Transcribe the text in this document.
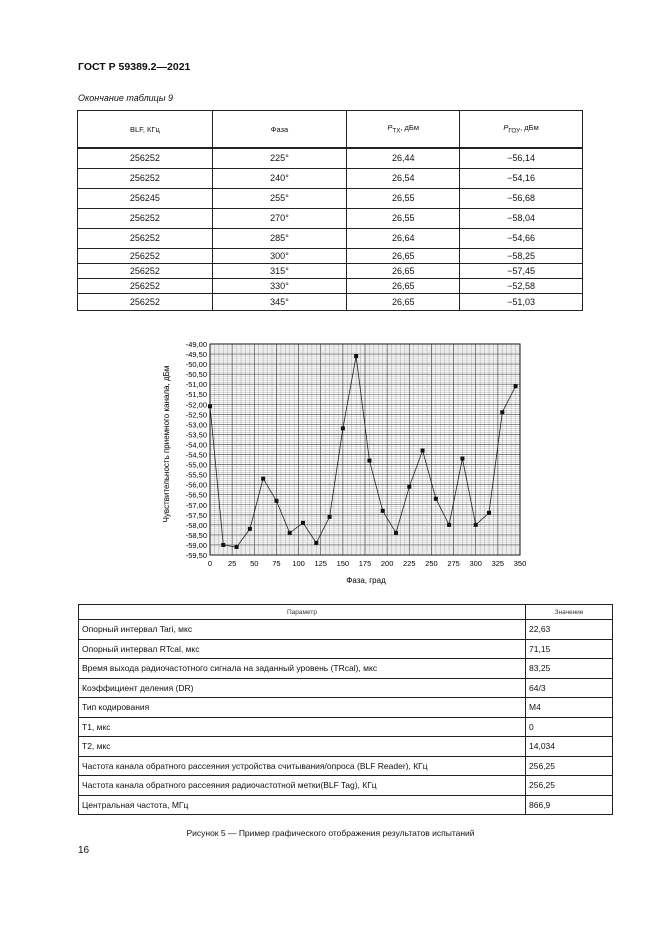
ГОСТ Р 59389.2—2021
Окончание таблицы 9
BLF, КГц	Фаза	$P_{TX}$, дБм	$P_{ГОУ}$, дБм
256252	225°	26,44	−56,14
256252	240°	26,54	−54,16
256245	255°	26,55	−56,68
256252	270°	26,55	−58,04
256252	285°	26,64	−54,66
256252	300°	26,65	−58,25
256252	315°	26,65	−57,45
256252	330°	26,65	−52,58
256252	345°	26,65	−51,03
-49,00
-49,50
-50,00
-50,50
-51,00
-51,50
-52,00
-52,50
-53,00
-53,50
-54,00
-54,50
-55,00
-55,50
-56,00
-56,50
-57,00
-57,50
-58,00
-58,50
-59,00
-59,50
0 25 50 75 100 125 150 175 200 225 250 275 300 325 350
Чувствительность приемного канала, дБм
Фаза, град
Параметр	Значение
Опорный интервал Tari, мкс	22,63
Опорный интервал RTcal, мкс	71,15
Время выхода радиочастотного сигнала на заданный уровень (TRcal), мкс	83,25
Коэффициент деления (DR)	64/3
Тип кодирования	M4
T1, мкс	0
T2, мкс	14,034
Частота канала обратного рассеяния устройства считывания/опроса (BLF Reader), КГц	256,25
Частота канала обратного рассеяния радиочастотной метки(BLF Tag), КГц	256,25
Центральная частота, МГц	866,9
Рисунок 5 — Пример графического отображения результатов испытаний
16
